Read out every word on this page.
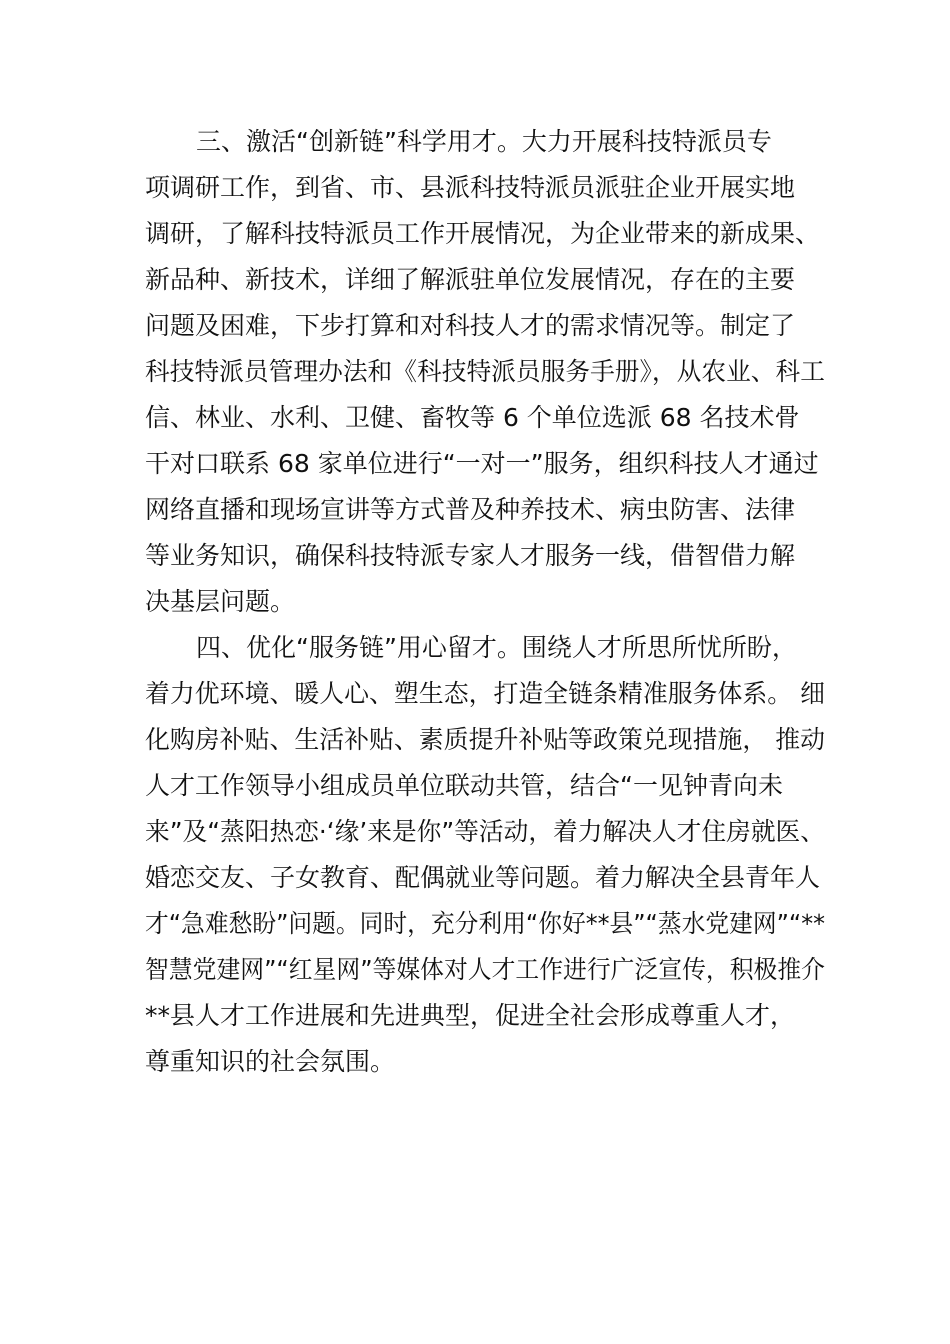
三、激活“创新链”科学用才。大力开展科技特派员专
项调研工作，到省、市、县派科技特派员派驻企业开展实地
调研，了解科技特派员工作开展情况，为企业带来的新成果、
新品种、新技术，详细了解派驻单位发展情况，存在的主要
问题及困难，下步打算和对科技人才的需求情况等。制定了
科技特派员管理办法和《科技特派员服务手册》，从农业、科工
信、林业、水利、卫健、畜牧等 6 个单位选派 68 名技术骨
干对口联系 68 家单位进行“一对一”服务，组织科技人才通过
网络直播和现场宣讲等方式普及种养技术、病虫防害、法律
等业务知识，确保科技特派专家人才服务一线，借智借力解
决基层问题。
四、优化“服务链”用心留才。围绕人才所思所忧所盼，
着力优环境、暖人心、塑生态，打造全链条精准服务体系。 细
化购房补贴、生活补贴、素质提升补贴等政策兑现措施， 推动
人才工作领导小组成员单位联动共管，结合“一见钟青向未
来”及“蒸阳热恋·‘缘’来是你”等活动，着力解决人才住房就医、
婚恋交友、子女教育、配偶就业等问题。着力解决全县青年人
才“急难愁盼”问题。同时，充分利用“你好**县”“蒸水党建网”“**
智慧党建网”“红星网”等媒体对人才工作进行广泛宣传，积极推介
**县人才工作进展和先进典型，促进全社会形成尊重人才，
尊重知识的社会氛围。
